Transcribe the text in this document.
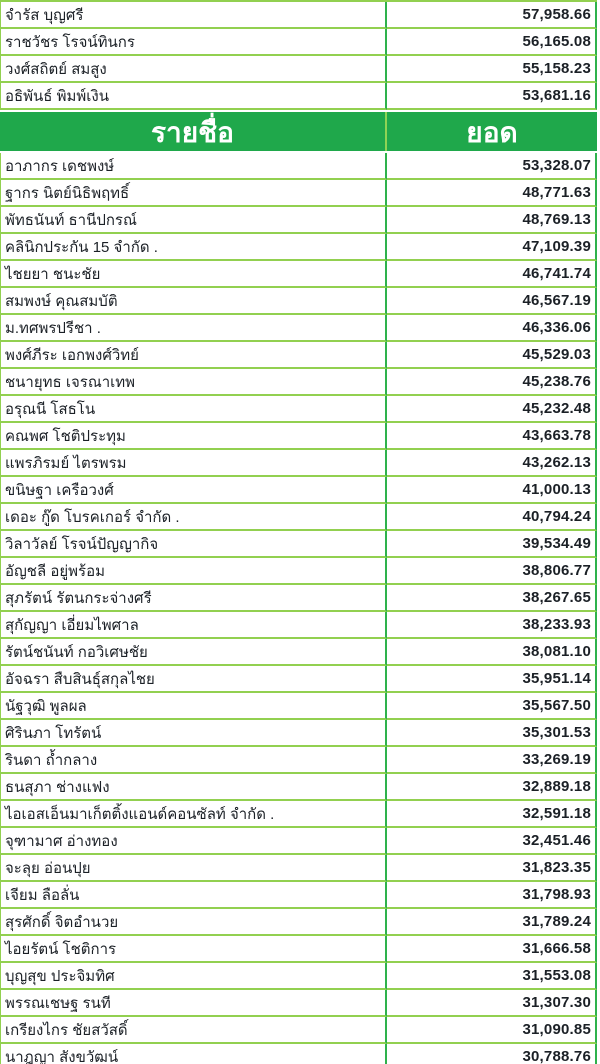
จำรัส บุญศรี	57,958.66
ราชวัชร โรจน์ทินกร	56,165.08
วงศ์สถิตย์ สมสูง	55,158.23
อธิพันธ์ พิมพ์เงิน	53,681.16
รายชื่อ	ยอด
อาภากร เดชพงษ์	53,328.07
ฐากร นิตย์นิธิพฤทธิ์	48,771.63
พัทธนันท์ ธานีปกรณ์	48,769.13
คลินิกประกัน 15 จำกัด .	47,109.39
ไชยยา ชนะชัย	46,741.74
สมพงษ์ คุณสมบัติ	46,567.19
ม.ทศพรปรีชา .	46,336.06
พงศ์ภีระ เอกพงศ์วิทย์	45,529.03
ชนายุทธ เจรณาเทพ	45,238.76
อรุณนี โสธโน	45,232.48
คณพศ โชติประทุม	43,663.78
แพรภิรมย์ ไตรพรม	43,262.13
ขนิษฐา เครือวงศ์	41,000.13
เดอะ กู๊ด โบรคเกอร์ จำกัด .	40,794.24
วิลาวัลย์ โรจน์ปัญญากิจ	39,534.49
อัญชลี อยู่พร้อม	38,806.77
สุภรัตน์ รัตนกระจ่างศรี	38,267.65
สุกัญญา เอี่ยมไพศาล	38,233.93
รัตน์ชนันท์ กอวิเศษชัย	38,081.10
อัจฉรา สืบสินธุ์สกุลไชย	35,951.14
นัฐวุฒิ พูลผล	35,567.50
ศิรินภา โทรัตน์	35,301.53
รินดา ถ้ำกลาง	33,269.19
ธนสุภา ช่างแฟง	32,889.18
ไอเอสเอ็นมาเก็ตติ้งแอนด์คอนซัลท์ จำกัด .	32,591.18
จุฑามาศ อ่างทอง	32,451.46
จะลุย อ่อนปุย	31,823.35
เจียม ลือลั่น	31,798.93
สุรศักดิ์ จิตอำนวย	31,789.24
ไอยรัตน์ โชติการ	31,666.58
บุญสุข ประจิมทิศ	31,553.08
พรรณเชษฐ รนที	31,307.30
เกรียงไกร ชัยสวัสดิ์	31,090.85
นาฎญา สังขวัฒน์	30,788.76
